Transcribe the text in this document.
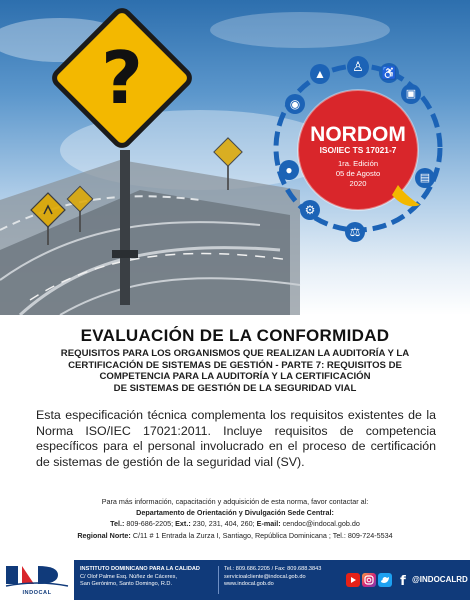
?	♙	♿
▣
▤
⚖
⚙
●
◉
▲
NORDOM
ISO/IEC TS 17021-7
1ra. Edición
05 de Agosto
2020
EVALUACIÓN DE LA CONFORMIDAD
REQUISITOS PARA LOS ORGANISMOS QUE REALIZAN LA AUDITORÍA Y LA
CERTIFICACIÓN DE SISTEMAS DE GESTIÓN - PARTE 7: REQUISITOS DE
COMPETENCIA PARA LA AUDITORÍA Y LA CERTIFICACIÓN
DE SISTEMAS DE GESTIÓN DE LA SEGURIDAD VIAL

Esta especificación técnica complementa los requisitos existentes de la Norma ISO/IEC 17021:2011. Incluye requisitos de competencia específicos para el personal involucrado en el proceso de certificación de sistemas de gestión de la seguridad vial (SV).

Para más información, capacitación y adquisición de esta norma, favor contactar al:
Departamento de Orientación y Divulgación Sede Central:
Tel.: 809-686-2205; Ext.: 230, 231, 404, 260; E-mail: cendoc@indocal.gob.do
Regional Norte: C/11 # 1 Entrada la Zurza I, Santiago, República Dominicana ; Tel.: 809-724-5534
INDOCAL
INSTITUTO DOMINICANO PARA LA CALIDAD
C/ Olof Palme Esq. Núñez de Cáceres,
San Gerónimo, Santo Domingo, R.D.
Tel.: 809.686.2205 / Fax: 809.688.3843
servicioalcliente@indocal.gob.do
www.indocal.gob.do	f @INDOCALRD
